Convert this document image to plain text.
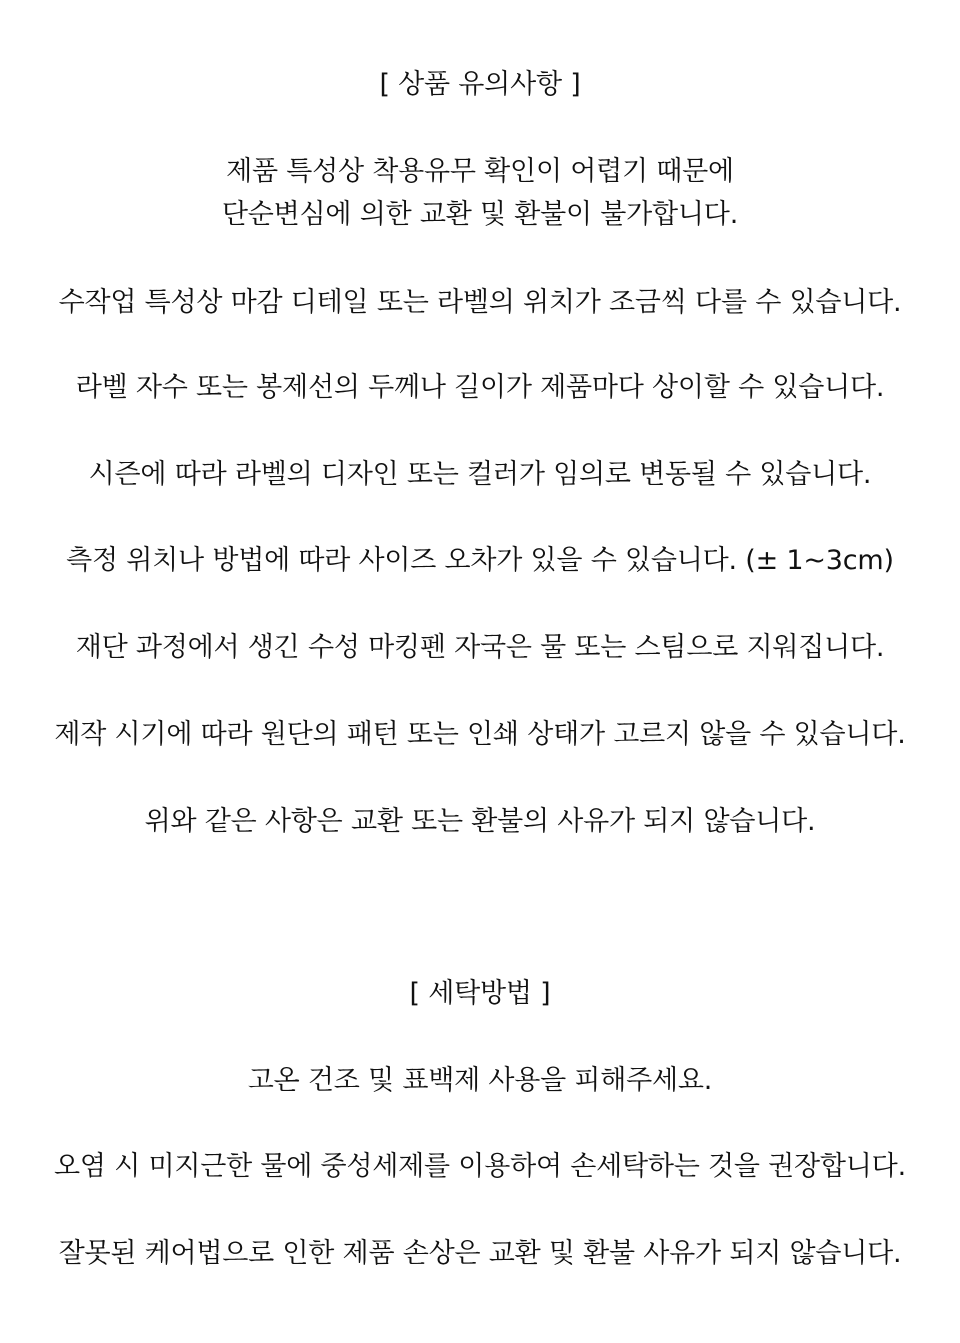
[ 상품 유의사항 ]
제품 특성상 착용유무 확인이 어렵기 때문에
단순변심에 의한 교환 및 환불이 불가합니다.
수작업 특성상 마감 디테일 또는 라벨의 위치가 조금씩 다를 수 있습니다.
라벨 자수 또는 봉제선의 두께나 길이가 제품마다 상이할 수 있습니다.
시즌에 따라 라벨의 디자인 또는 컬러가 임의로 변동될 수 있습니다.
측정 위치나 방법에 따라 사이즈 오차가 있을 수 있습니다. (± 1~3cm)
재단 과정에서 생긴 수성 마킹펜 자국은 물 또는 스팀으로 지워집니다.
제작 시기에 따라 원단의 패턴 또는 인쇄 상태가 고르지 않을 수 있습니다.
위와 같은 사항은 교환 또는 환불의 사유가 되지 않습니다.
[ 세탁방법 ]
고온 건조 및 표백제 사용을 피해주세요.
오염 시 미지근한 물에 중성세제를 이용하여 손세탁하는 것을 권장합니다.
잘못된 케어법으로 인한 제품 손상은 교환 및 환불 사유가 되지 않습니다.
